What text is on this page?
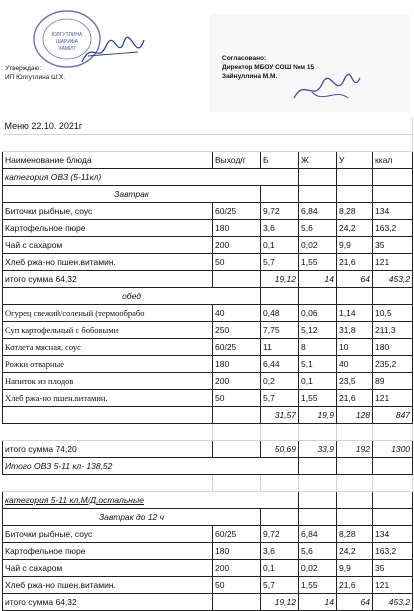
ЮЛГУТЛИНА
ШАРИФА
ХАМИТ
Утверждаю:
ИП Юлгутлина Ш.Х.
Согласовано:
Директор МБОУ СОШ №м 15
Зайнуллина М.М.
Меню 22.10. 2021г					

Наименование блюда	Выход/г	Б	Ж	У	ккал
категория ОВЗ (5-11кл)					
Завтрак					
Биточки рыбные, соус	60/25	9,72	6,84	8,28	134
Картофельное пюре	180	3,6	5,6	24,2	163,2
Чай с сахаром	200	0,1	0,02	9,9	35
Хлеб ржа-но пшен.витамин.	50	5,7	1,55	21,6	121
итого сумма 64,32		19,12	14	64	453,2
обед					
Огурец свежий/соленый (термообрабо	40	0,48	0,06	1,14	10,5
Суп картофельный с бобовыми	250	7,75	5,12	31,8	211,3
Котлета мясная, соус	60/25	11	8	10	180
Рожки отварные	180	6,44	5,1	40	235,2
Напиток из плодов	200	0,2	0,1	23,5	89
Хлеб ржа-но пшен.витамин.	50	5,7	1,55	21,6	121
		31,57	19,9	128	847

итого сумма 74,20		50,69	33,9	192	1300
Итого ОВЗ 5-11 кл- 138,52					

категория 5-11 кл,М/Д,остальные					
Завтрак до 12 ч					
Биточки рыбные, соус	60/25	9,72	6,84	8,28	134
Картофельное пюре	180	3,6	5,6	24,2	163,2
Чай с сахаром	200	0,1	0,02	9,9	35
Хлеб ржа-но пшен.витамин.	50	5,7	1,55	21,6	121
итого сумма 64,32		19,12	14	64	453,2
